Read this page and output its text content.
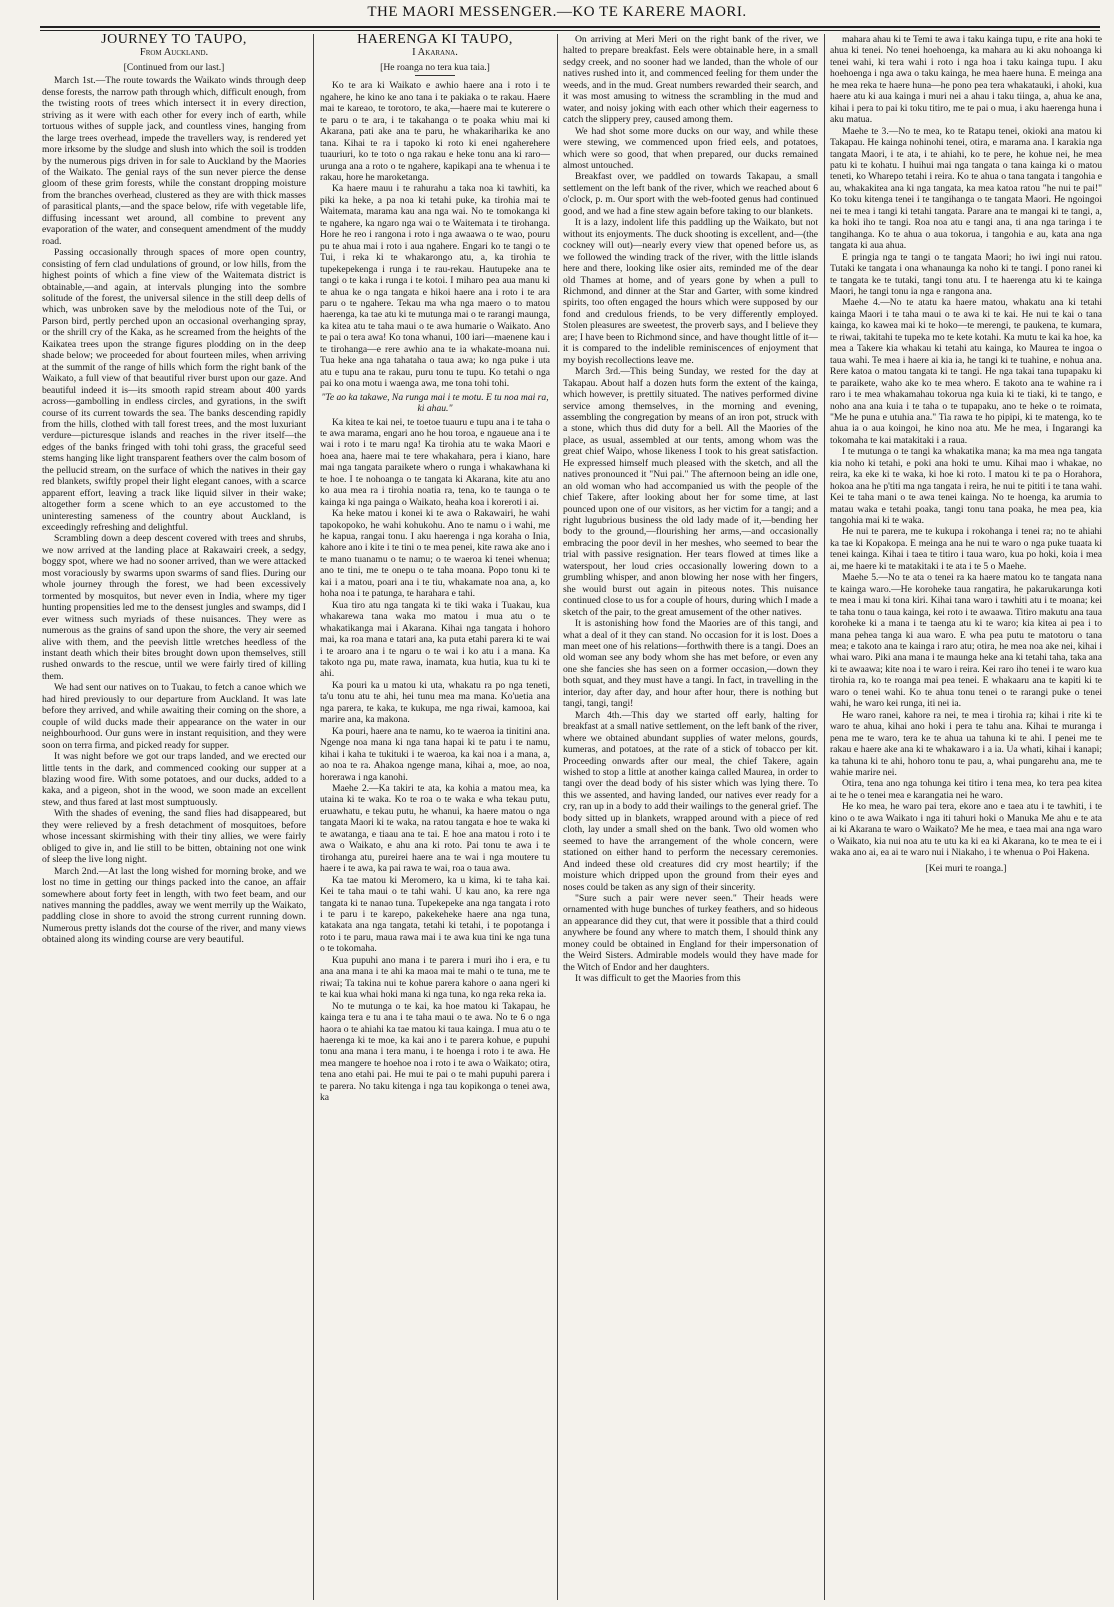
THE MAORI MESSENGER.—KO TE KARERE MAORI.
JOURNEY TO TAUPO,
From Auckland.
[Continued from our last.]

March 1st.—The route towards the Waikato winds through deep dense forests, the narrow path through which, difficult enough, from the twisting roots of trees which intersect it in every direction, striving as it were with each other for every inch of earth, while tortuous withes of supple jack, and countless vines, hanging from the large trees overhead, impede the travellers way, is rendered yet more irksome by the sludge and slush into which the soil is trodden by the numerous pigs driven in for sale to Auckland by the Maories of the Waikato. The genial rays of the sun never pierce the dense gloom of these grim forests, while the constant dropping moisture from the branches overhead, clustered as they are with thick masses of parasitical plants,—and the space below, rife with vegetable life, diffusing incessant wet around, all combine to prevent any evaporation of the water, and consequent amendment of the muddy road.

Passing occasionally through spaces of more open country, consisting of fern clad undulations of ground, or low hills, from the highest points of which a fine view of the Waitemata district is obtainable,—and again, at intervals plunging into the sombre solitude of the forest, the universal silence in the still deep dells of which, was unbroken save by the melodious note of the Tui, or Parson bird, pertly perched upon an occasional overhanging spray, or the shrill cry of the Kaka, as he screamed from the heights of the Kaikatea trees upon the strange figures plodding on in the deep shade below; we proceeded for about fourteen miles, when arriving at the summit of the range of hills which form the right bank of the Waikato, a full view of that beautiful river burst upon our gaze. And beautiful indeed it is—its smooth rapid stream about 400 yards across—gambolling in endless circles, and gyrations, in the swift course of its current towards the sea. The banks descending rapidly from the hills, clothed with tall forest trees, and the most luxuriant verdure—picturesque islands and reaches in the river itself—the edges of the banks fringed with tohi tohi grass, the graceful seed stems hanging like light transparent feathers over the calm bosom of the pellucid stream, on the surface of which the natives in their gay red blankets, swiftly propel their light elegant canoes, with a scarce apparent effort, leaving a track like liquid silver in their wake; altogether form a scene which to an eye accustomed to the uninteresting sameness of the country about Auckland, is exceedingly refreshing and delightful.

Scrambling down a deep descent covered with trees and shrubs, we now arrived at the landing place at Rakawairi creek, a sedgy, boggy spot, where we had no sooner arrived, than we were attacked most voraciously by swarms upon swarms of sand flies. During our whole journey through the forest, we had been excessively tormented by mosquitos, but never even in India, where my tiger hunting propensities led me to the densest jungles and swamps, did I ever witness such myriads of these nuisances. They were as numerous as the grains of sand upon the shore, the very air seemed alive with them, and the peevish little wretches heedless of the instant death which their bites brought down upon themselves, still rushed onwards to the rescue, until we were fairly tired of killing them.

We had sent our natives on to Tuakau, to fetch a canoe which we had hired previously to our departure from Auckland. It was late before they arrived, and while awaiting their coming on the shore, a couple of wild ducks made their appearance on the water in our neighbourhood. Our guns were in instant requisition, and they were soon on terra firma, and picked ready for supper.

It was night before we got our traps landed, and we erected our little tents in the dark, and commenced cooking our supper at a blazing wood fire. With some potatoes, and our ducks, added to a kaka, and a pigeon, shot in the wood, we soon made an excellent stew, and thus fared at last most sumptuously.

With the shades of evening, the sand flies had disappeared, but they were relieved by a fresh detachment of mosquitoes, before whose incessant skirmishing with their tiny allies, we were fairly obliged to give in, and lie still to be bitten, obtaining not one wink of sleep the live long night.

March 2nd.—At last the long wished for morning broke, and we lost no time in getting our things packed into the canoe, an affair somewhere about forty feet in length, with two feet beam, and our natives manning the paddles, away we went merrily up the Waikato, paddling close in shore to avoid the strong current running down. Numerous pretty islands dot the course of the river, and many views obtained along its winding course are very beautiful.

HAERENGA KI TAUPO,
I Akarana.
[He roanga no tera kua taia.]

Ko te ara ki Waikato e awhio haere ana i roto i te ngahere, he kino ke ano tana i te pakiaka o te rakau. Haere mai te kareao, te torotoro, te aka,—haere mai te kuterere o te paru o te ara, i te takahanga o te poaka whiu mai ki Akarana, pati ake ana te paru, he whakariharika ke ano tana. Kihai te ra i tapoko ki roto ki enei ngaherehere tuauriuri, ko te toto o nga rakau e heke tonu ana ki raro—urunga ana a roto o te ngahere, kapikapi ana te whenua i te rakau, hore he maroketanga.

Ka haere mauu i te rahurahu a taka noa ki tawhiti, ka piki ka heke, a pa noa ki tetahi puke, ka tirohia mai te Waitemata, marama kau ana nga wai. No te tomokanga ki te ngahere, ka ngaro nga wai o te Waitemata i te tirohanga. Hore he reo i rangona i roto i nga awaawa o te wao, pouru pu te ahua mai i roto i aua ngahere. Engari ko te tangi o te Tui, i reka ki te whakarongo atu, a, ka tirohia te tupekepekenga i runga i te rau-rekau. Hautupeke ana te tangi o te kaka i runga i te kotoi. I miharo pea aua manu ki te ahua ke o nga tangata e hikoi haere ana i roto i te ara paru o te ngahere. Tekau ma wha nga maero o to matou haerenga, ka tae atu ki te mutunga mai o te rarangi maunga, ka kitea atu te taha maui o te awa humarie o Waikato. Ano te pai o tera awa! Ko tona whanui, 100 iari—maenene kau i te tirohanga—e rere awhio ana te ia whakate-moana nui. Tua heke ana nga tahataha o taua awa; ko nga puke i uta atu e tupu ana te rakau, puru tonu te tupu. Ko tetahi o nga pai ko ona motu i waenga awa, me tona tohi tohi.

"Te ao ka takawe, Na runga mai i te motu. E tu noa mai ra, ki ahau."

Ka kitea te kai nei, te toetoe tuauru e tupu ana i te taha o te awa marama, engari ano he hou toroa, e ngaueue ana i te wai i roto i te maru nga! Ka tirohia atu te waka Maori e hoea ana, haere mai te tere whakahara, pera i kiano, hare mai nga tangata paraikete whero o runga i whakawhana ki te hoe. I te nohoanga o te tangata ki Akarana, kite atu ano ko aua mea ra i tirohia noatia ra, tena, ko te taunga o te kainga ki nga painga o Waikato, heaha koa i koreroti i ai.

Ka heke matou i konei ki te awa o Rakawairi, he wahi tapokopoko, he wahi kohukohu. Ano te namu o i wahi, me he kapua, rangai tonu. I aku haerenga i nga koraha o Inia, kahore ano i kite i te tini o te mea penei, kite rawa ake ano i te mano tuanamu o te namu; o te waeroa ki tenei whenua; ano te tini, me te onepu o te taha moana. Popo tonu ki te kai i a matou, poari ana i te tiu, whakamate noa ana, a, ko hoha noa i te patunga, te harahara e tahi.

Kua tiro atu nga tangata ki te tiki waka i Tuakau, kua whakarewa tana waka mo matou i mua atu o te whakatikanga mai i Akarana. Kihai nga tangata i hohoro mai, ka roa mana e tatari ana, ka puta etahi parera ki te wai i te aroaro ana i te ngaru o te wai i ko atu i a mana. Ka takoto nga pu, mate rawa, inamata, kua hutia, kua tu ki te ahi.

Ka pouri ka u matou ki uta, whakatu ra po nga teneti, ta'u tonu atu te ahi, hei tunu mea ma mana. Ko'uetia ana nga parera, te kaka, te kukupa, me nga riwai, kamooa, kai marire ana, ka makona.

Ka pouri, haere ana te namu, ko te waeroa ia tinitini ana. Ngenge noa mana ki nga tana hapai ki te patu i te namu, kihai i kaha te tukituki i te waeroa, ka kai noa i a mana, a, ao noa te ra. Ahakoa ngenge mana, kihai a, moe, ao noa, horerawa i nga kanohi.

Maehe 2.—Ka takiri te ata, ka kohia a matou mea, ka utaina ki te waka. Ko te roa o te waka e wha tekau putu, eruawhatu, e tekau putu, he whanui, ka haere matou o nga tangata Maori ki te waka, na ratou tangata e hoe te waka ki te awatanga, e tiaau ana te tai. E hoe ana matou i roto i te awa o Waikato, e ahu ana ki roto. Pai tonu te awa i te tirohanga atu, pureirei haere ana te wai i nga moutere tu haere i te awa, ka pai rawa te wai, roa o taua awa.

Ka tae matou ki Meromero, ka u kima, ki te taha kai. Kei te taha maui o te tahi wahi. U kau ano, ka rere nga tangata ki te nanao tuna. Tupekepeke ana nga tangata i roto i te paru i te karepo, pakekeheke haere ana nga tuna, katakata ana nga tangata, tetahi ki tetahi, i te popotanga i roto i te paru, maua rawa mai i te awa kua tini ke nga tuna o te tokomaha.

Kua pupuhi ano mana i te parera i muri iho i era, e tu ana ana mana i te ahi ka maoa mai te mahi o te tuna, me te riwai; Ta takina nui te kohue parera kahore o aana ngeri ki te kai kua whai hoki mana ki nga tuna, ko nga reka reka ia.

No te mutunga o te kai, ka hoe matou ki Takapau, he kainga tera e tu ana i te taha maui o te awa. No te 6 o nga haora o te ahiahi ka tae matou ki taua kainga. I mua atu o te haerenga ki te moe, ka kai ano i te parera kohue, e pupuhi tonu ana mana i tera manu, i te hoenga i roto i te awa. He mea mangere te hoehoe noa i roto i te awa o Waikato; otira, tena ano etahi pai. He mui te pai o te mahi pupuhi parera i te parera. No taku kitenga i nga tau kopikonga o tenei awa, ka

On arriving at Meri Meri on the right bank of the river, we halted to prepare breakfast. Eels were obtainable here, in a small sedgy creek, and no sooner had we landed, than the whole of our natives rushed into it, and commenced feeling for them under the weeds, and in the mud. Great numbers rewarded their search, and it was most amusing to witness the scrambling in the mud and water, and noisy joking with each other which their eagerness to catch the slippery prey, caused among them.

We had shot some more ducks on our way, and while these were stewing, we commenced upon fried eels, and potatoes, which were so good, that when prepared, our ducks remained almost untouched.

Breakfast over, we paddled on towards Takapau, a small settlement on the left bank of the river, which we reached about 6 o'clock, p. m. Our sport with the web-footed genus had continued good, and we had a fine stew again before taking to our blankets.

It is a lazy, indolent life this paddling up the Waikato, but not without its enjoyments. The duck shooting is excellent, and—(the cockney will out)—nearly every view that opened before us, as we followed the winding track of the river, with the little islands here and there, looking like osier aits, reminded me of the dear old Thames at home, and of years gone by when a pull to Richmond, and dinner at the Star and Garter, with some kindred spirits, too often engaged the hours which were supposed by our fond and credulous friends, to be very differently employed. Stolen pleasures are sweetest, the proverb says, and I believe they are; I have been to Richmond since, and have thought little of it—it is compared to the indelible reminiscences of enjoyment that my boyish recollections leave me.

March 3rd.—This being Sunday, we rested for the day at Takapau. About half a dozen huts form the extent of the kainga, which however, is prettily situated. The natives performed divine service among themselves, in the morning and evening, assembling the congregation by means of an iron pot, struck with a stone, which thus did duty for a bell. All the Maories of the place, as usual, assembled at our tents, among whom was the great chief Waipo, whose likeness I took to his great satisfaction. He expressed himself much pleased with the sketch, and all the natives pronounced it "Nui pai." The afternoon being an idle one, an old woman who had accompanied us with the people of the chief Takere, after looking about her for some time, at last pounced upon one of our visitors, as her victim for a tangi; and a right lugubrious business the old lady made of it,—bending her body to the ground,—flourishing her arms,—and occasionally embracing the poor devil in her meshes, who seemed to bear the trial with passive resignation. Her tears flowed at times like a waterspout, her loud cries occasionally lowering down to a grumbling whisper, and anon blowing her nose with her fingers, she would burst out again in piteous notes. This nuisance continued close to us for a couple of hours, during which I made a sketch of the pair, to the great amusement of the other natives.

It is astonishing how fond the Maories are of this tangi, and what a deal of it they can stand. No occasion for it is lost. Does a man meet one of his relations—forthwith there is a tangi. Does an old woman see any body whom she has met before, or even any one she fancies she has seen on a former occasion,—down they both squat, and they must have a tangi. In fact, in travelling in the interior, day after day, and hour after hour, there is nothing but tangi, tangi, tangi!

March 4th.—This day we started off early, halting for breakfast at a small native settlement, on the left bank of the river, where we obtained abundant supplies of water melons, gourds, kumeras, and potatoes, at the rate of a stick of tobacco per kit. Proceeding onwards after our meal, the chief Takere, again wished to stop a little at another kainga called Maurea, in order to tangi over the dead body of his sister which was lying there. To this we assented, and having landed, our natives ever ready for a cry, ran up in a body to add their wailings to the general grief. The body sitted up in blankets, wrapped around with a piece of red cloth, lay under a small shed on the bank. Two old women who seemed to have the arrangement of the whole concern, were stationed on either hand to perform the necessary ceremonies. And indeed these old creatures did cry most heartily; if the moisture which dripped upon the ground from their eyes and noses could be taken as any sign of their sincerity.

"Sure such a pair were never seen." Their heads were ornamented with huge bunches of turkey feathers, and so hideous an appearance did they cut, that were it possible that a third could anywhere be found any where to match them, I should think any money could be obtained in England for their impersonation of the Weird Sisters. Admirable models would they have made for the Witch of Endor and her daughters.

It was difficult to get the Maories from this

mahara ahau ki te Temi te awa i taku kainga tupu, e rite ana hoki te ahua ki tenei. No tenei hoehoenga, ka mahara au ki aku nohoanga ki tenei wahi, ki tera wahi i roto i nga hoa i taku kainga tupu. I aku hoehoenga i nga awa o taku kainga, he mea haere huna. E meinga ana he mea reka te haere huna—he pono pea tera whakatauki, i ahoki, kua haere atu ki aua kainga i muri nei a ahau i taku tiinga, a, ahua ke ana, kihai i pera to pai ki toku titiro, me te pai o mua, i aku haerenga huna i aku matua.

Maehe te 3.—No te mea, ko te Ratapu tenei, okioki ana matou ki Takapau. He kainga nohinohi tenei, otira, e marama ana. I karakia nga tangata Maori, i te ata, i te ahiahi, ko te pere, he kohue nei, he mea patu ki te kohatu. I huihui mai nga tangata o tana kainga ki o matou teneti, ko Wharepo tetahi i reira. Ko te ahua o tana tangata i tangohia e au, whakakitea ana ki nga tangata, ka mea katoa ratou "he nui te pai!" Ko toku kitenga tenei i te tangihanga o te tangata Maori. He ngoingoi nei te mea i tangi ki tetahi tangata. Parare ana te mangai ki te tangi, a, ka hoki iho te tangi. Roa noa atu e tangi ana, ti ana nga taringa i te tangihanga. Ko te ahua o aua tokorua, i tangohia e au, kata ana nga tangata ki aua ahua.

E pringia nga te tangi o te tangata Maori; ho iwi ingi nui ratou. Tutaki ke tangata i ona whanaunga ka noho ki te tangi. I pono ranei ki te tangata ke te tutaki, tangi tonu atu. I te haerenga atu ki te kainga Maori, he tangi tonu ia nga e rangona ana.

Maehe 4.—No te atatu ka haere matou, whakatu ana ki tetahi kainga Maori i te taha maui o te awa ki te kai. He nui te kai o tana kainga, ko kawea mai ki te hoko—te merengi, te paukena, te kumara, te riwai, takitahi te tupeka mo te kete kotahi. Ka mutu te kai ka hoe, ka mea a Takere kia whakau ki tetahi atu kainga, ko Maurea te ingoa o taua wahi. Te mea i haere ai kia ia, he tangi ki te tuahine, e nohua ana. Rere katoa o matou tangata ki te tangi. He nga takai tana tupapaku ki te paraikete, waho ake ko te mea whero. E takoto ana te wahine ra i raro i te mea whakamahau tokorua nga kuia ki te tiaki, ki te tango, e noho ana ana kuia i te taha o te tupapaku, ano te heke o te roimata, "Me he puna e utuhia ana." Tia rawa te ho pipipi, ki te matenga, ko te ahua ia o aua koingoi, he kino noa atu. Me he mea, i Ingarangi ka tokomaha te kai matakitaki i a raua.

I te mutunga o te tangi ka whakatika mana; ka ma mea nga tangata kia noho ki tetahi, e poki ana hoki te umu. Kihai mao i whakae, no reira, ka eke ki te waka, ki hoe ki roto. I matou ki te pa o Horahora, hokoa ana he p'titi ma nga tangata i reira, he nui te pititi i te tana wahi. Kei te taha mani o te awa tenei kainga. No te hoenga, ka arumia to matau waka e tetahi poaka, tangi tonu tana poaka, he mea pea, kia tangohia mai ki te waka.

He nui te parera, me te kukupa i rokohanga i tenei ra; no te ahiahi ka tae ki Kopakopa. E meinga ana he nui te waro o nga puke tuaata ki tenei kainga. Kihai i taea te titiro i taua waro, kua po hoki, koia i mea ai, me haere ki te matakitaki i te ata i te 5 o Maehe.

Maehe 5.—No te ata o tenei ra ka haere matou ko te tangata nana te kainga waro.—He koroheke taua rangatira, he pakarukarunga koti te mea i mau ki tona kiri. Kihai tana waro i tawhiti atu i te moana; kei te taha tonu o taua kainga, kei roto i te awaawa. Titiro makutu ana taua koroheke ki a mana i te taenga atu ki te waro; kia kitea ai pea i to mana pehea tanga ki aua waro. E wha pea putu te matotoru o tana mea; e takoto ana te kainga i raro atu; otira, he mea noa ake nei, kihai i whai waro. Piki ana mana i te maunga heke ana ki tetahi taha, taka ana ki te awaawa; kite noa i te waro i reira. Kei raro iho tenei i te waro kua tirohia ra, ko te roanga mai pea tenei. E whakaaru ana te kapiti ki te waro o tenei wahi. Ko te ahua tonu tenei o te rarangi puke o tenei wahi, he waro kei runga, iti nei ia.

He waro ranei, kahore ra nei, te mea i tirohia ra; kihai i rite ki te waro te ahua, kihai ano hoki i pera te tahu ana. Kihai te muranga i pena me te waro, tera ke te ahua ua tahuna ki te ahi. I penei me te rakau e haere ake ana ki te whakawaro i a ia. Ua whati, kihai i kanapi; ka tahuna ki te ahi, hohoro tonu te pau, a, whai pungarehu ana, me te wahie marire nei.

Otira, tena ano nga tohunga kei titiro i tena mea, ko tera pea kitea ai te he o tenei mea e karangatia nei he waro.

He ko mea, he waro pai tera, ekore ano e taea atu i te tawhiti, i te kino o te awa Waikato i nga iti tahuri hoki o Manuka Me ahu e te ata ai ki Akarana te waro o Waikato? Me he mea, e taea mai ana nga waro o Waikato, kia nui noa atu te utu ka ki ea ki Akarana, ko te mea te ei i waka ano ai, ea ai te waro nui i Niakaho, i te whenua o Poi Hakena.

[Kei muri te roanga.]
